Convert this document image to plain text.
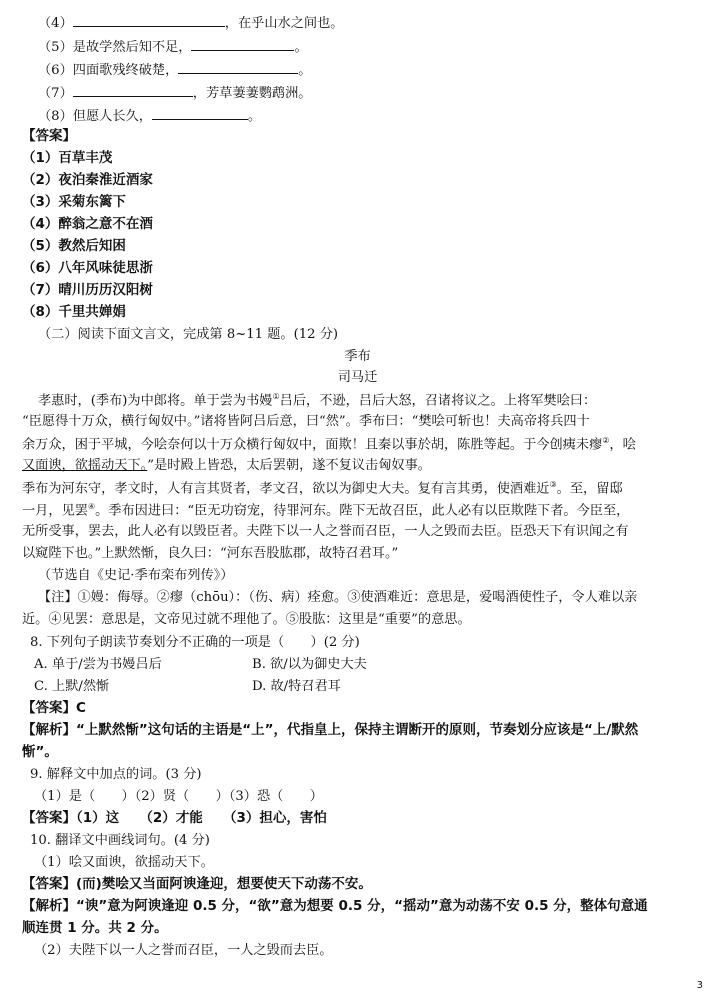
（4）	，在乎山水之间也。
（5）是故学然后知不足，	。
（6）四面歌残终破楚，	。
（7）	，芳草萋萋鹦鹉洲。
（8）但愿人长久，	。
【答案】
（1）百草丰茂
（2）夜泊秦淮近酒家
（3）采菊东篱下
（4）醉翁之意不在酒
（5）教然后知困
（6）八年风味徒思浙
（7）晴川历历汉阳树
（8）千里共婵娟
（二）阅读下面文言文，完成第 8~11 题。(12 分)
季布
司马迁
孝惠时，(季布)为中郎将。单于尝为书嫚①吕后，不逊，吕后大怒，召诸将议之。上将军樊哙曰：
“臣愿得十万众，横行匈奴中。”诸将皆阿吕后意，曰“然”。季布曰：“樊哙可斩也！夫高帝将兵四十
余万众，困于平城，今哙奈何以十万众横行匈奴中，面欺！且秦以事於胡，陈胜等起。于今创痍未瘳②，哙
又面谀，欲摇动天下。”是时殿上皆恐，太后罢朝，遂不复议击匈奴事。
季布为河东守，孝文时，人有言其贤者，孝文召，欲以为御史大夫。复有言其勇，使酒难近③。至，留邸
一月，见罢④。季布因进曰：“臣无功窃宠，待罪河东。陛下无故召臣，此人必有以臣欺陛下者。今臣至，
无所受事，罢去，此人必有以毁臣者。夫陛下以一人之誉而召臣，一人之毁而去臣。臣恐天下有识闻之有
以窥陛下也。”上默然惭，良久曰：“河东吾股肱郡，故特召君耳。”
（节选自《史记·季布栾布列传》）
【注】①嫚：侮辱。②瘳（chōu）：（伤、病）痊愈。③使酒难近：意思是，爱喝酒使性子，令人难以亲
近。④见罢：意思是，文帝见过就不理他了。⑤股肱：这里是“重要”的意思。
8. 下列句子朗读节奏划分不正确的一项是（　　）(2 分)
A. 单于/尝为书嫚吕后	B. 欲/以为御史大夫
C. 上默/然惭	D. 故/特召君耳
【答案】C
【解析】“上默然惭”这句话的主语是“上”，代指皇上，保持主谓断开的原则，节奏划分应该是“上/默然
惭”。
9. 解释文中加点的词。(3 分)
（1）是（　　）（2）贤（　　）（3）恐（　　）
【答案】（1）这　　（2）才能　　（3）担心，害怕
10. 翻译文中画线词句。(4 分)
（1）哙又面谀，欲摇动天下。
【答案】(而)樊哙又当面阿谀逢迎，想要使天下动荡不安。
【解析】“谀”意为阿谀逢迎 0.5 分，“欲”意为想要 0.5 分，“摇动”意为动荡不安 0.5 分，整体句意通
顺连贯 1 分。共 2 分。
（2）夫陛下以一人之誉而召臣，一人之毁而去臣。
3
